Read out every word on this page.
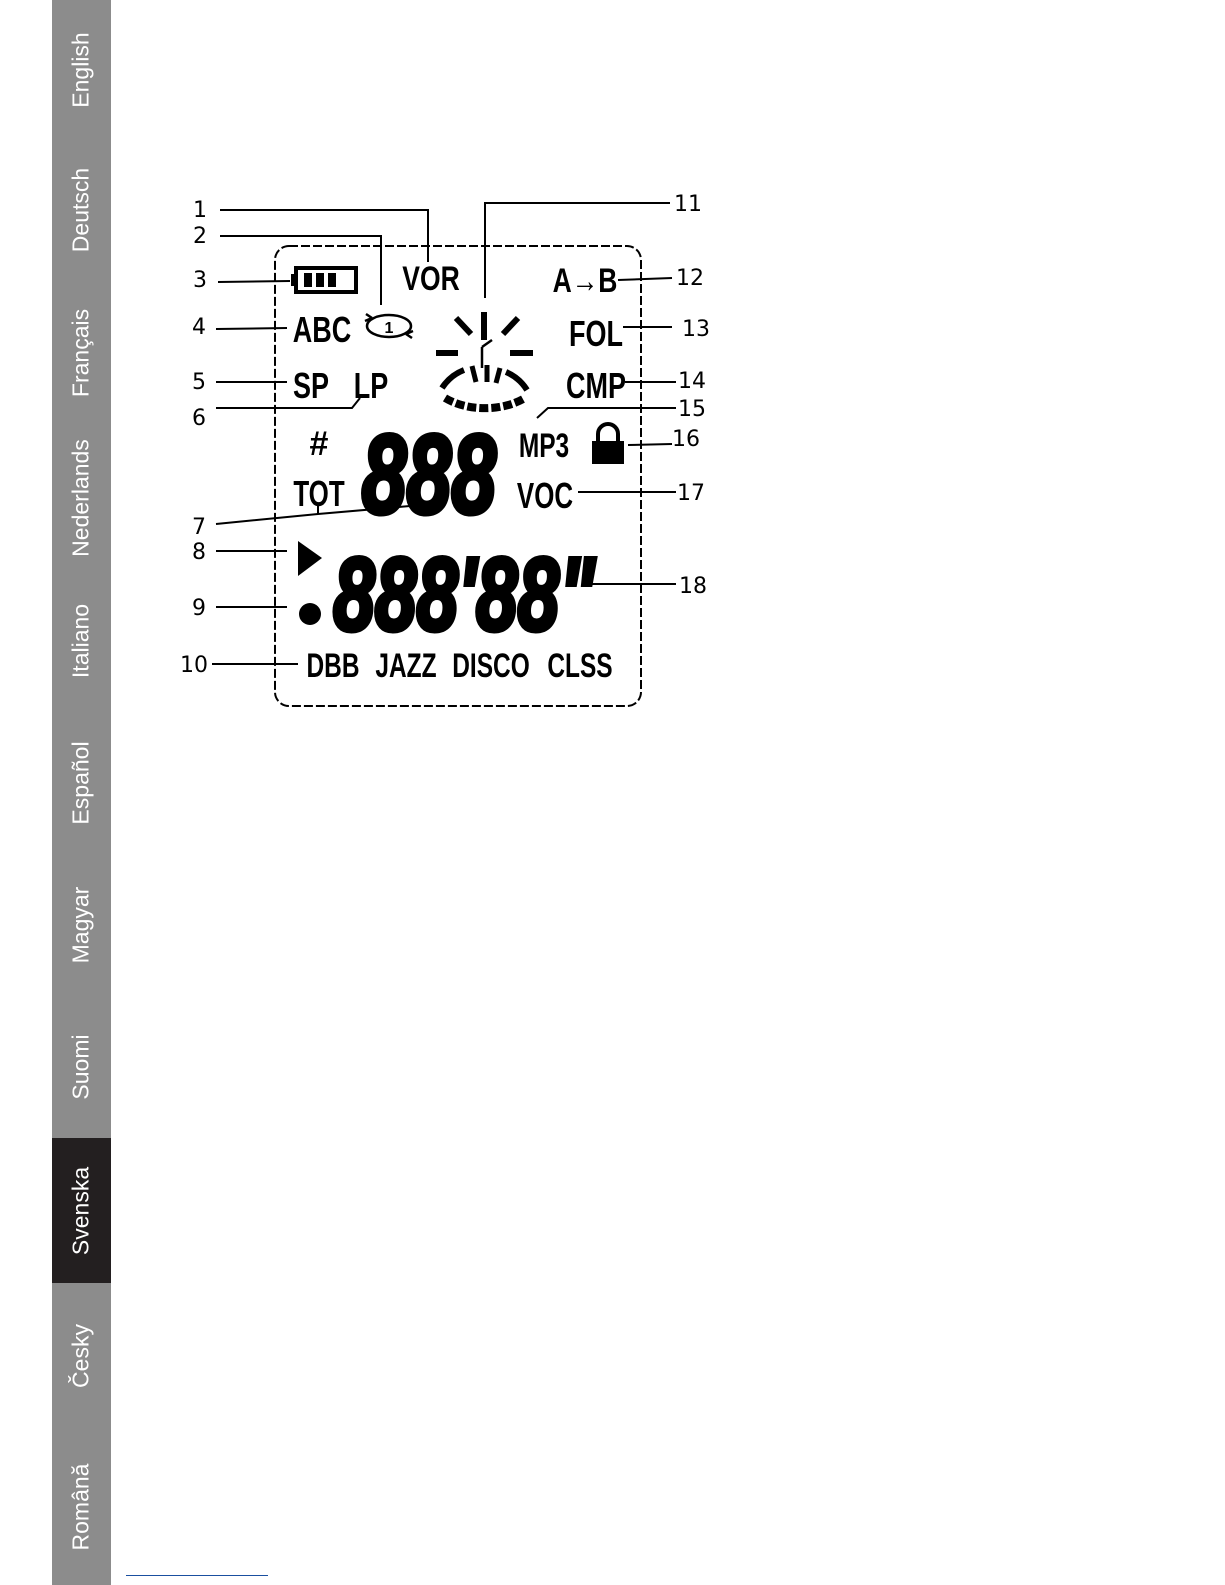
English
Deutsch
Français
Nederlands
Italiano
Español
Magyar
Suomi
Svenska
Česky
Română
1
2
3
4
5
6
7
8
9
10
11
12
13
14
15
16
17
18
1
VOR	A→B
ABC	FOL
SP LP	CMP
#	MP3
TOT	VOC
888
888'88"
DBB JAZZ DISCO CLSS
